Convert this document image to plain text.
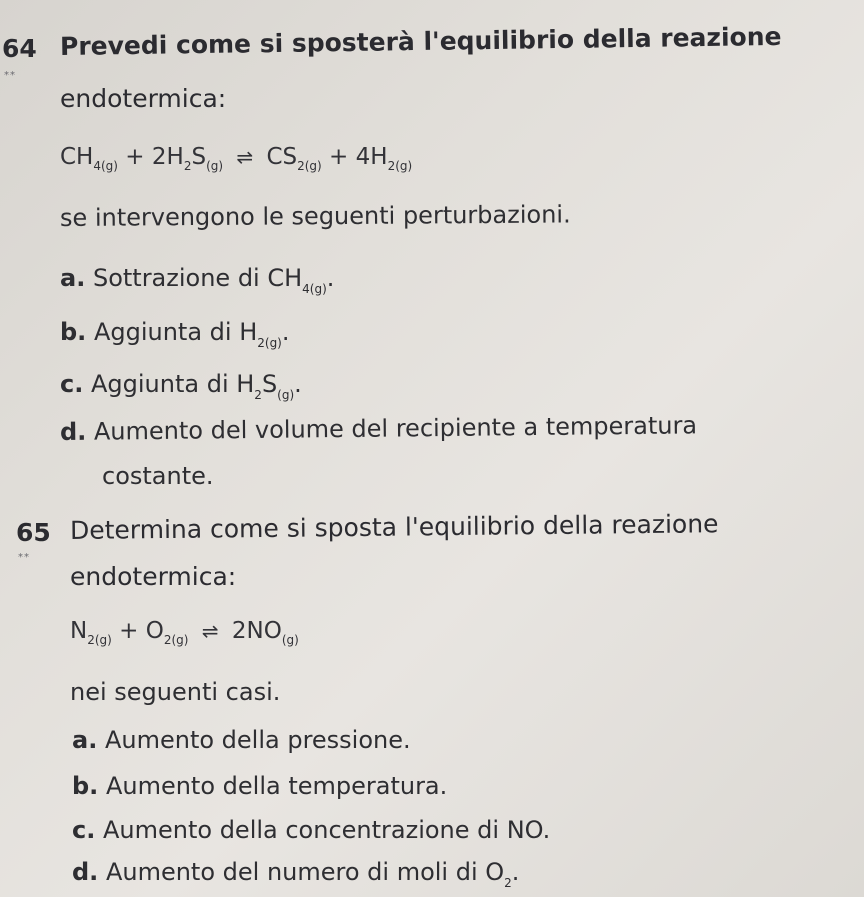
64
**
Prevedi come si sposterà l'equilibrio della reazione
endotermica:
$CH_{4(g)} + 2H_2S_{(g)}$ ⇌ $CS_{2(g)} + 4H_{2(g)}$
se intervengono le seguenti perturbazioni.
a. Sottrazione di $CH_{4(g)}$.
b. Aggiunta di $H_{2(g)}$.
c. Aggiunta di $H_2S_{(g)}$.
d. Aumento del volume del recipiente a temperatura
costante.
65
**
Determina come si sposta l'equilibrio della reazione
endotermica:
$N_{2(g)} + O_{2(g)}$ ⇌ $2NO_{(g)}$
nei seguenti casi.
a. Aumento della pressione.
b. Aumento della temperatura.
c. Aumento della concentrazione di NO.
d. Aumento del numero di moli di $O_2$.
